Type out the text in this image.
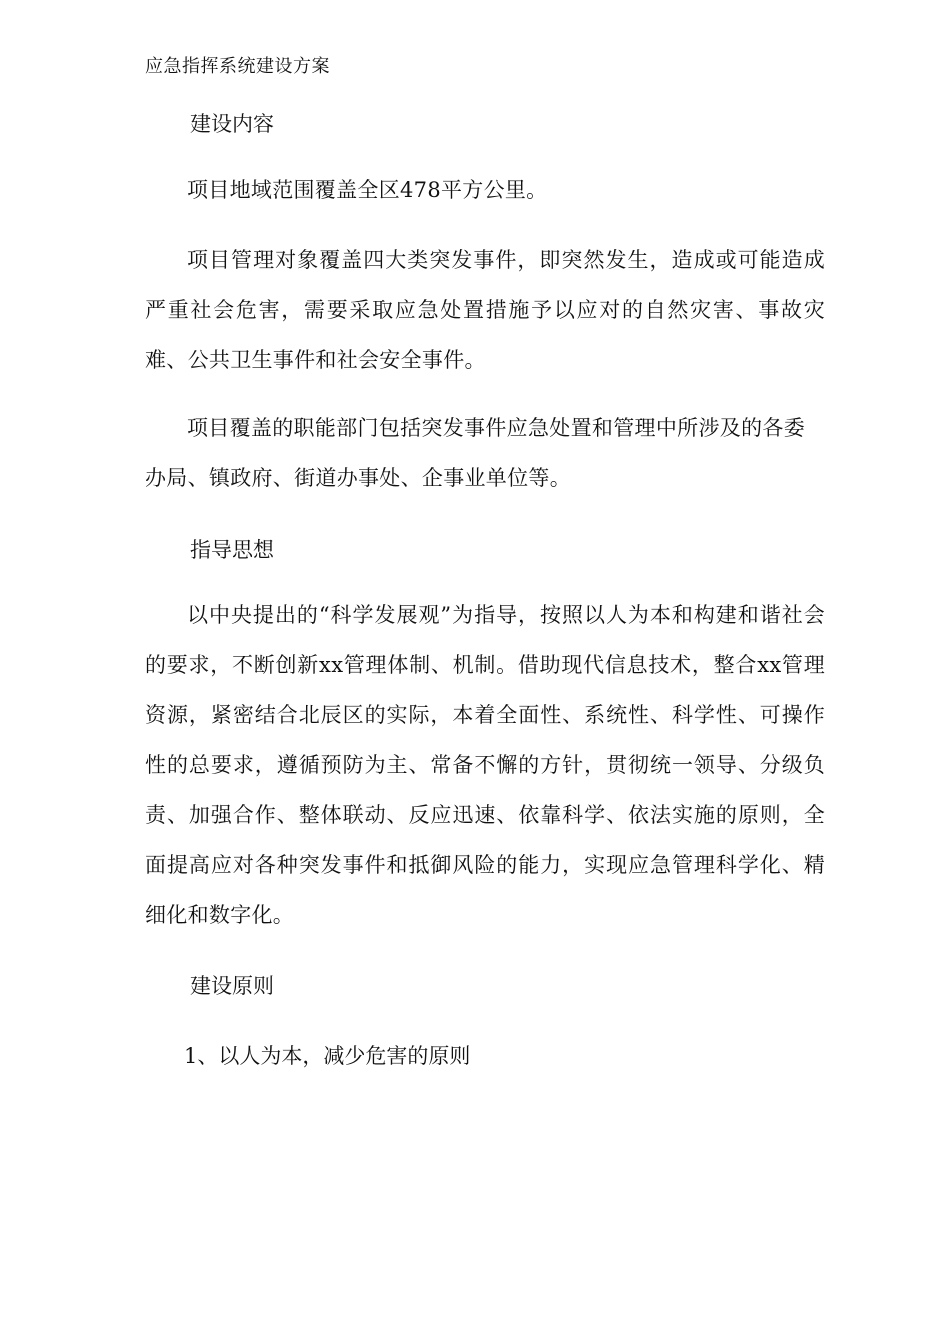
应急指挥系统建设方案
建设内容
项目地域范围覆盖全区478平方公里。
项目管理对象覆盖四大类突发事件，即突然发生，造成或可能造成严重社会危害，需要采取应急处置措施予以应对的自然灾害、事故灾难、公共卫生事件和社会安全事件。
项目覆盖的职能部门包括突发事件应急处置和管理中所涉及的各委办局、镇政府、街道办事处、企事业单位等。
指导思想
以中央提出的“科学发展观”为指导，按照以人为本和构建和谐社会的要求，不断创新xx管理体制、机制。借助现代信息技术，整合xx管理资源，紧密结合北辰区的实际，本着全面性、系统性、科学性、可操作性的总要求，遵循预防为主、常备不懈的方针，贯彻统一领导、分级负责、加强合作、整体联动、反应迅速、依靠科学、依法实施的原则，全面提高应对各种突发事件和抵御风险的能力，实现应急管理科学化、精细化和数字化。
建设原则
1、以人为本，减少危害的原则
